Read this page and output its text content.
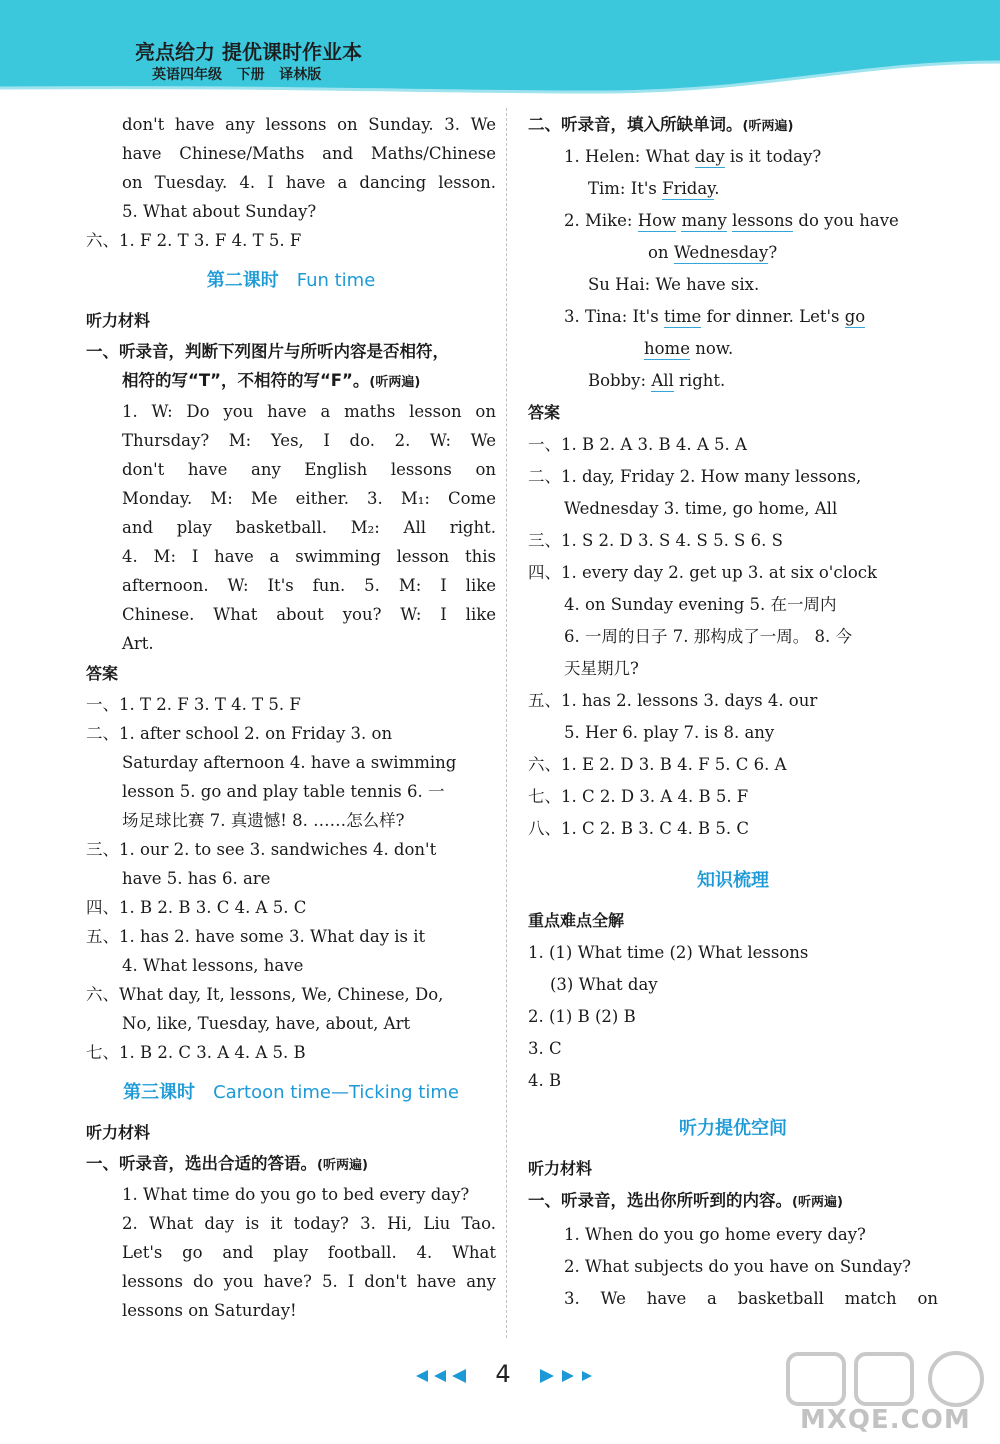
亮点给力 提优课时作业本
英语四年级   下册   译林版
don't have any lessons on Sunday. 3. We
have Chinese/Maths and Maths/Chinese
on Tuesday. 4. I have a dancing lesson.
5. What about Sunday?
六、1. F 2. T 3. F 4. T 5. F
第二课时 Fun time
听力材料
一、听录音，判断下列图片与所听内容是否相符，
相符的写“T”，不相符的写“F”。(听两遍)
1. W: Do you have a maths lesson on
Thursday? M: Yes, I do. 2. W: We
don't have any English lessons on
Monday. M: Me either. 3. M₁: Come
and play basketball. M₂: All right.
4. M: I have a swimming lesson this
afternoon. W: It's fun. 5. M: I like
Chinese. What about you? W: I like
Art.
答案
一、1. T 2. F 3. T 4. T 5. F
二、1. after school 2. on Friday 3. on
Saturday afternoon 4. have a swimming
lesson 5. go and play table tennis 6. 一
场足球比赛 7. 真遗憾! 8. ……怎么样?
三、1. our 2. to see 3. sandwiches 4. don't
have 5. has 6. are
四、1. B 2. B 3. C 4. A 5. C
五、1. has 2. have some 3. What day is it
4. What lessons, have
六、What day, It, lessons, We, Chinese, Do,
No, like, Tuesday, have, about, Art
七、1. B 2. C 3. A 4. A 5. B
第三课时 Cartoon time—Ticking time
听力材料
一、听录音，选出合适的答语。(听两遍)
1. What time do you go to bed every day?
2. What day is it today? 3. Hi, Liu Tao.
Let's go and play football. 4. What
lessons do you have? 5. I don't have any
lessons on Saturday!
二、听录音，填入所缺单词。(听两遍)
1. Helen: What day is it today?
Tim: It's Friday.
2. Mike: How many lessons do you have
on Wednesday?
Su Hai: We have six.
3. Tina: It's time for dinner. Let's go
home now.
Bobby: All right.
答案
一、1. B 2. A 3. B 4. A 5. A
二、1. day, Friday 2. How many lessons,
Wednesday 3. time, go home, All
三、1. S 2. D 3. S 4. S 5. S 6. S
四、1. every day 2. get up 3. at six o'clock
4. on Sunday evening 5. 在一周内
6. 一周的日子 7. 那构成了一周。 8. 今
天星期几?
五、1. has 2. lessons 3. days 4. our
5. Her 6. play 7. is 8. any
六、1. E 2. D 3. B 4. F 5. C 6. A
七、1. C 2. D 3. A 4. B 5. F
八、1. C 2. B 3. C 4. B 5. C
知识梳理
重点难点全解
1. (1) What time (2) What lessons
(3) What day
2. (1) B (2) B
3. C
4. B
听力提优空间
听力材料
一、听录音，选出你所听到的内容。(听两遍)
1. When do you go home every day?
2. What subjects do you have on Sunday?
3. We have a basketball match on
4
MXQE.COM
